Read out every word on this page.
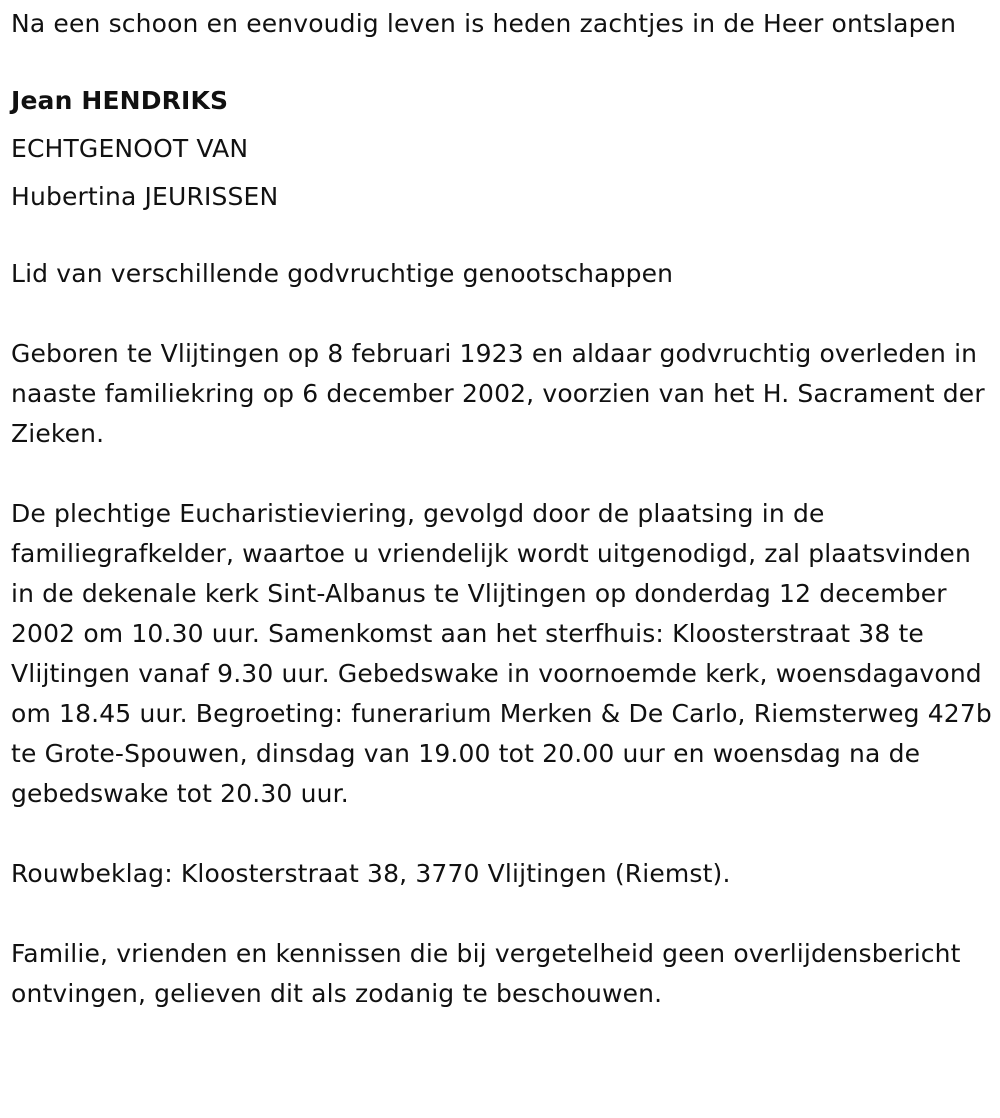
Na een schoon en eenvoudig leven is heden zachtjes in de Heer ontslapen

Jean HENDRIKS

ECHTGENOOT VAN

Hubertina JEURISSEN

Lid van verschillende godvruchtige genootschappen

Geboren te Vlijtingen op 8 februari 1923 en aldaar godvruchtig overleden in naaste familiekring op 6 december 2002, voorzien van het H. Sacrament der Zieken.

De plechtige Eucharistieviering, gevolgd door de plaatsing in de familiegrafkelder, waartoe u vriendelijk wordt uitgenodigd, zal plaatsvinden in de dekenale kerk Sint-Albanus te Vlijtingen op donderdag 12 december 2002 om 10.30 uur. Samenkomst aan het sterfhuis: Kloosterstraat 38 te Vlijtingen vanaf 9.30 uur. Gebedswake in voornoemde kerk, woensdagavond om 18.45 uur. Begroeting: funerarium Merken & De Carlo, Riemsterweg 427b te Grote-Spouwen, dinsdag van 19.00 tot 20.00 uur en woensdag na de gebedswake tot 20.30 uur.

Rouwbeklag: Kloosterstraat 38, 3770 Vlijtingen (Riemst).

Familie, vrienden en kennissen die bij vergetelheid geen overlijdensbericht ontvingen, gelieven dit als zodanig te beschouwen.
